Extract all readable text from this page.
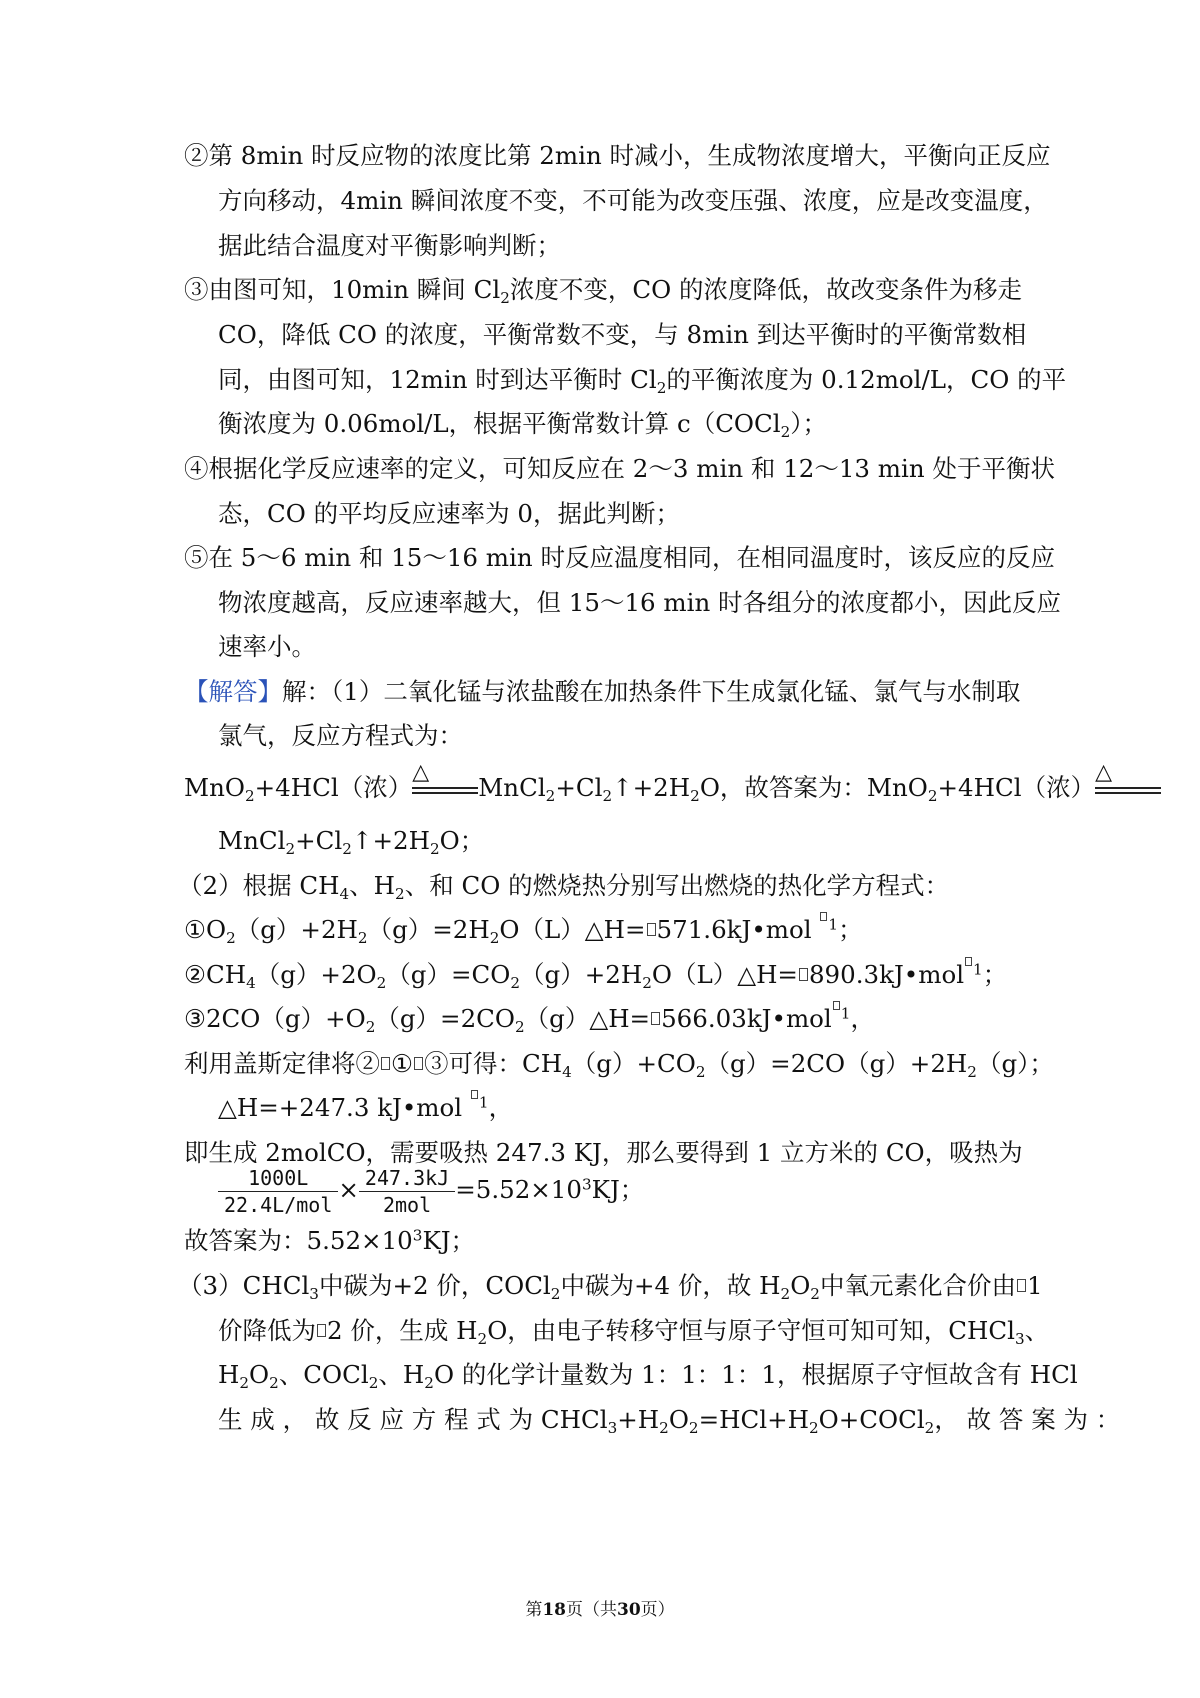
②第 8min 时反应物的浓度比第 2min 时减小，生成物浓度增大，平衡向正反应
方向移动，4min 瞬间浓度不变，不可能为改变压强、浓度，应是改变温度，
据此结合温度对平衡影响判断；
③由图可知，10min 瞬间 $Cl_2$浓度不变，CO 的浓度降低，故改变条件为移走
CO，降低 CO 的浓度，平衡常数不变，与 8min 到达平衡时的平衡常数相
同，由图可知，12min 时到达平衡时 $Cl_2$的平衡浓度为 0.12mol/L，CO 的平
衡浓度为 0.06mol/L，根据平衡常数计算 c（COCl$_2$）；
④根据化学反应速率的定义，可知反应在 2～3 min 和 12～13 min 处于平衡状
态，CO 的平均反应速率为 0，据此判断；
⑤在 5～6 min 和 15～16 min 时反应温度相同，在相同温度时，该反应的反应
物浓度越高，反应速率越大，但 15～16 min 时各组分的浓度都小，因此反应
速率小。
【解答】解：（1）二氧化锰与浓盐酸在加热条件下生成氯化锰、氯气与水制取
氯气，反应方程式为：
MnO$_2$+4HCl（浓）
△
$MnCl_2+Cl_2↑+2H_2O$，故答案为：MnO$_2$+4HCl（浓）
△
$MnCl_2+Cl_2↑+2H_2O$；
（2）根据 $CH_4$、$H_2$、和 CO 的燃烧热分别写出燃烧的热化学方程式：
$①O_2(g)+2H_2(g)=2H_2O(L)\triangle H=$ 571.6kJ•mol $^1$；
$②CH_4(g)+2O_2(g)=CO_2(g)+2H_2O(L)\triangle H=$ 890.3kJ•mol $^1$；
$③2CO(g)+O_2(g)=2CO_2(g)\triangle H=$ 566.03kJ•mol $^1$，
利用盖斯定律将② ① ③可得：$CH_4(g)+CO_2(g)=2CO(g)+2H_2(g)$；
△H=+247.3 kJ•mol $^1$，
即生成 2molCO，需要吸热 247.3 KJ，那么要得到 1 立方米的 CO，吸热为
$\frac{1000L}{\text{22.4L/mol}} \times \frac{247.3kJ}{\text{2mol}} =5.52\times 10^3KJ$；
故答案为：$5.52\times 10^3KJ$；
（3）CHCl$_3$中碳为+2 价，COCl$_2$中碳为+4 价，故 $H_2O_2$中氧元素化合价由 1
价降低为 2 价，生成 $H_2O$，由电子转移守恒与原子守恒可知可知，CHCl$_3$、
$H_2O_2$、COCl$_2$、$H_2O$ 的化学计量数为 1：1：1：1，根据原子守恒故含有 HCl
生 成 ， 故 反 应 方 程 式 为 $CHCl_3+H_2O_2=HCl+H_2O+COCl_2$， 故 答 案 为 ：
第18页（共30页）
